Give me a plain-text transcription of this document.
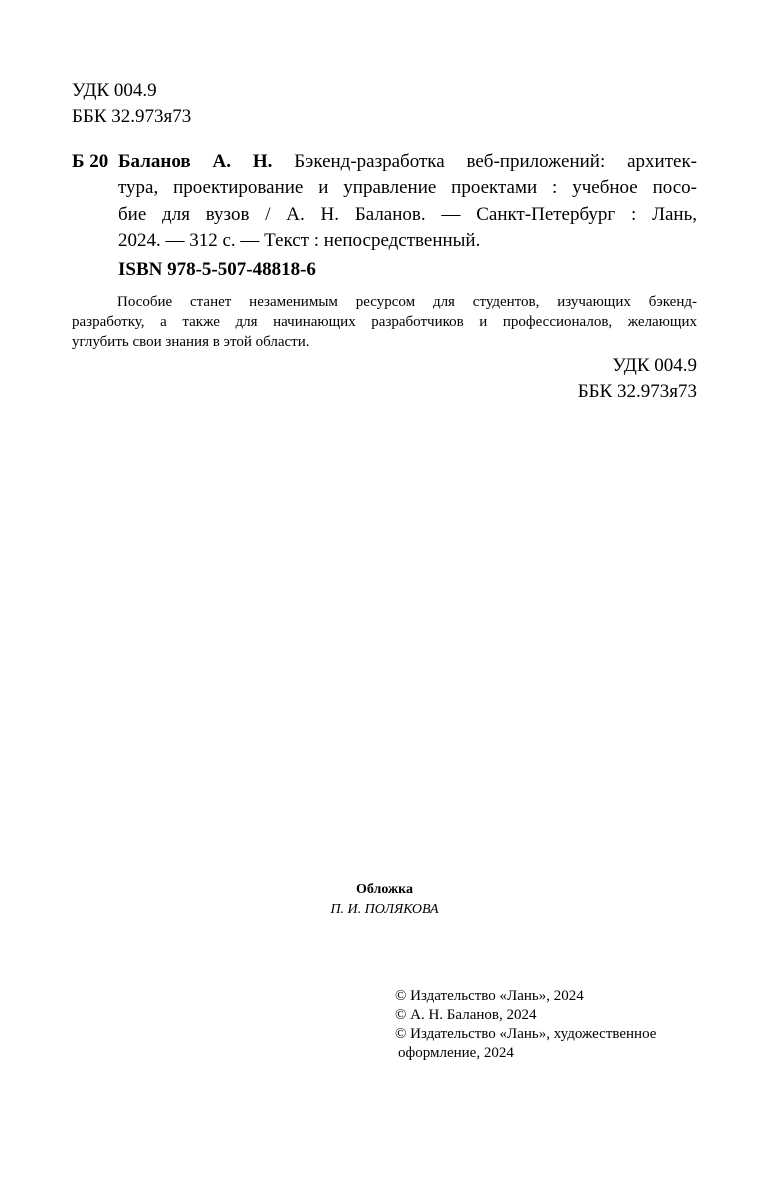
УДК 004.9
ББК 32.973я73
Б 20 Баланов А. Н. Бэкенд-разработка веб-приложений: архитек-
тура, проектирование и управление проектами : учебное посо-
бие для вузов / А. Н. Баланов. — Санкт-Петербург : Лань,
2024. — 312 с. — Текст : непосредственный.
ISBN 978-5-507-48818-6
Пособие станет незаменимым ресурсом для студентов, изучающих бэкенд-
разработку, а также для начинающих разработчиков и профессионалов, желающих
углубить свои знания в этой области.
УДК 004.9
ББК 32.973я73
Обложка
П. И. ПОЛЯКОВА
© Издательство «Лань», 2024
© А. Н. Баланов, 2024
© Издательство «Лань», художественное
оформление, 2024
